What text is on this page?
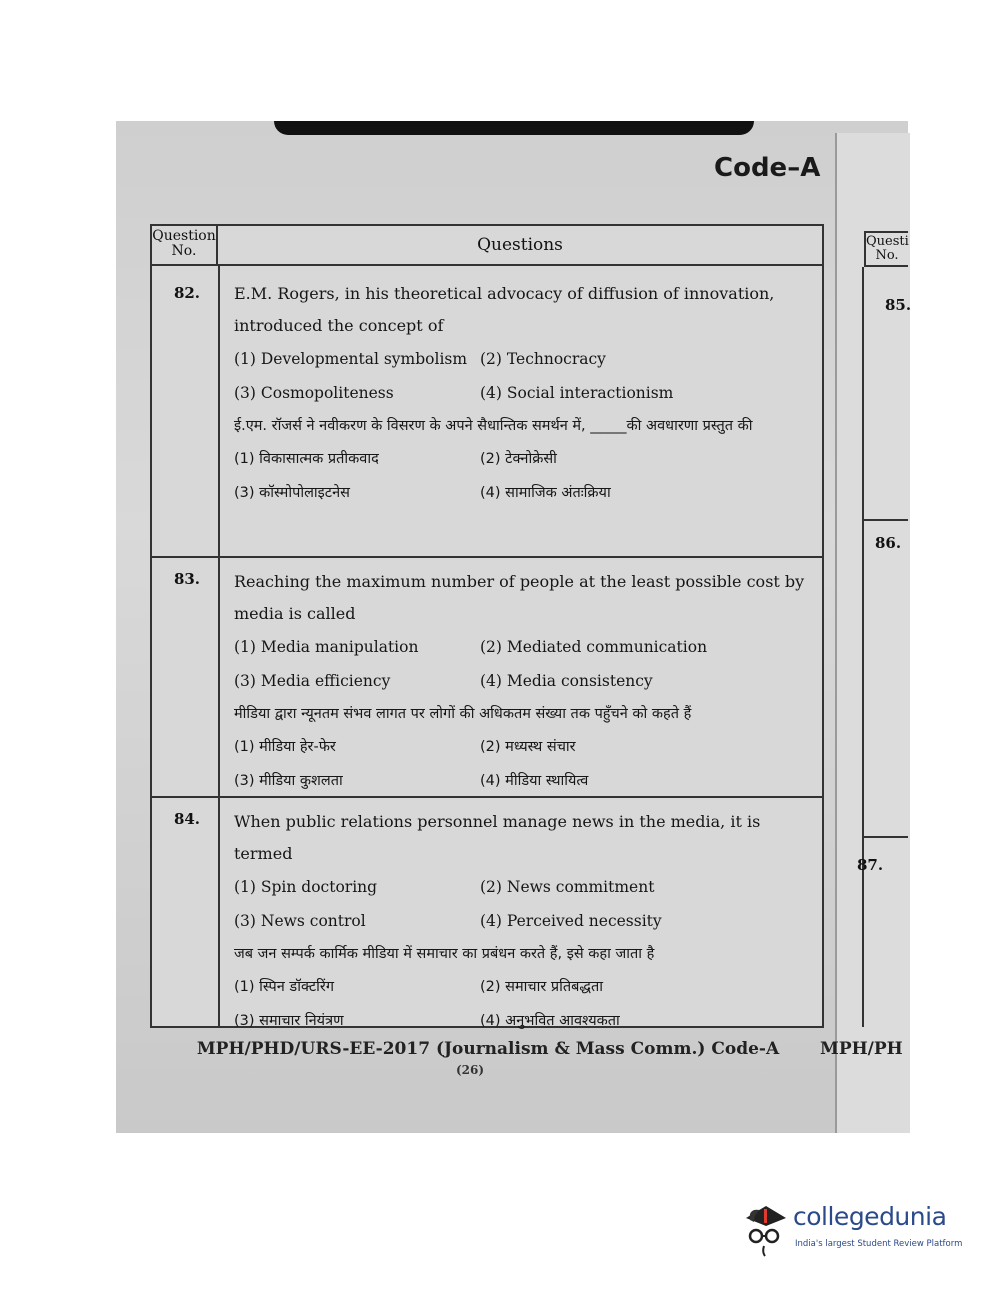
Questi No.
85.
86.
87.
MPH/PH
Code–A
Question No.	Questions
82.	E.M. Rogers, in his theoretical advocacy of diffusion of innovation, introduced the concept of
(1) Developmental symbolism (2) Technocracy
(3) Cosmopoliteness	(4) Social interactionism
ई.एम. रॉजर्स ने नवीकरण के विसरण के अपने सैधान्तिक समर्थन में, _____की अवधारणा प्रस्तुत की
(1) विकासात्मक प्रतीकवाद	(2) टेक्नोक्रेसी
(3) कॉस्मोपोलाइटनेस	(4) सामाजिक अंतःक्रिया
83.	Reaching the maximum number of people at the least possible cost by media is called
(1) Media manipulation	(2) Mediated communication
(3) Media efficiency	(4) Media consistency
मीडिया द्वारा न्यूनतम संभव लागत पर लोगों की अधिकतम संख्या तक पहुँचने को कहते हैं
(1) मीडिया हेर-फेर	(2) मध्यस्थ संचार
(3) मीडिया कुशलता	(4) मीडिया स्थायित्व
84.	When public relations personnel manage news in the media, it is termed
(1) Spin doctoring	(2) News commitment
(3) News control	(4) Perceived necessity
जब जन सम्पर्क कार्मिक मीडिया में समाचार का प्रबंधन करते हैं, इसे कहा जाता है
(1) स्पिन डॉक्टरिंग	(2) समाचार प्रतिबद्धता
(3) समाचार नियंत्रण	(4) अनुभवित आवश्यकता
MPH/PHD/URS-EE-2017 (Journalism & Mass Comm.) Code-A
(26)
collegedunia
India's largest Student Review Platform
